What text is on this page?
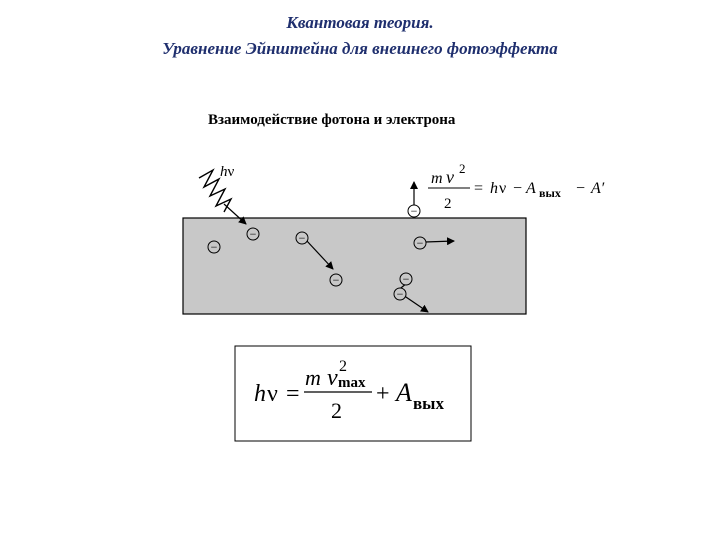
Квантовая теория.
Уравнение Эйнштейна для внешнего фотоэффекта
Взаимодействие фотона и электрона
hν
−
−	−
−
−
−
−
−
m v 2
2
= h ν − A вых − A′
h ν =
m v 2
max
2
+ A вых
